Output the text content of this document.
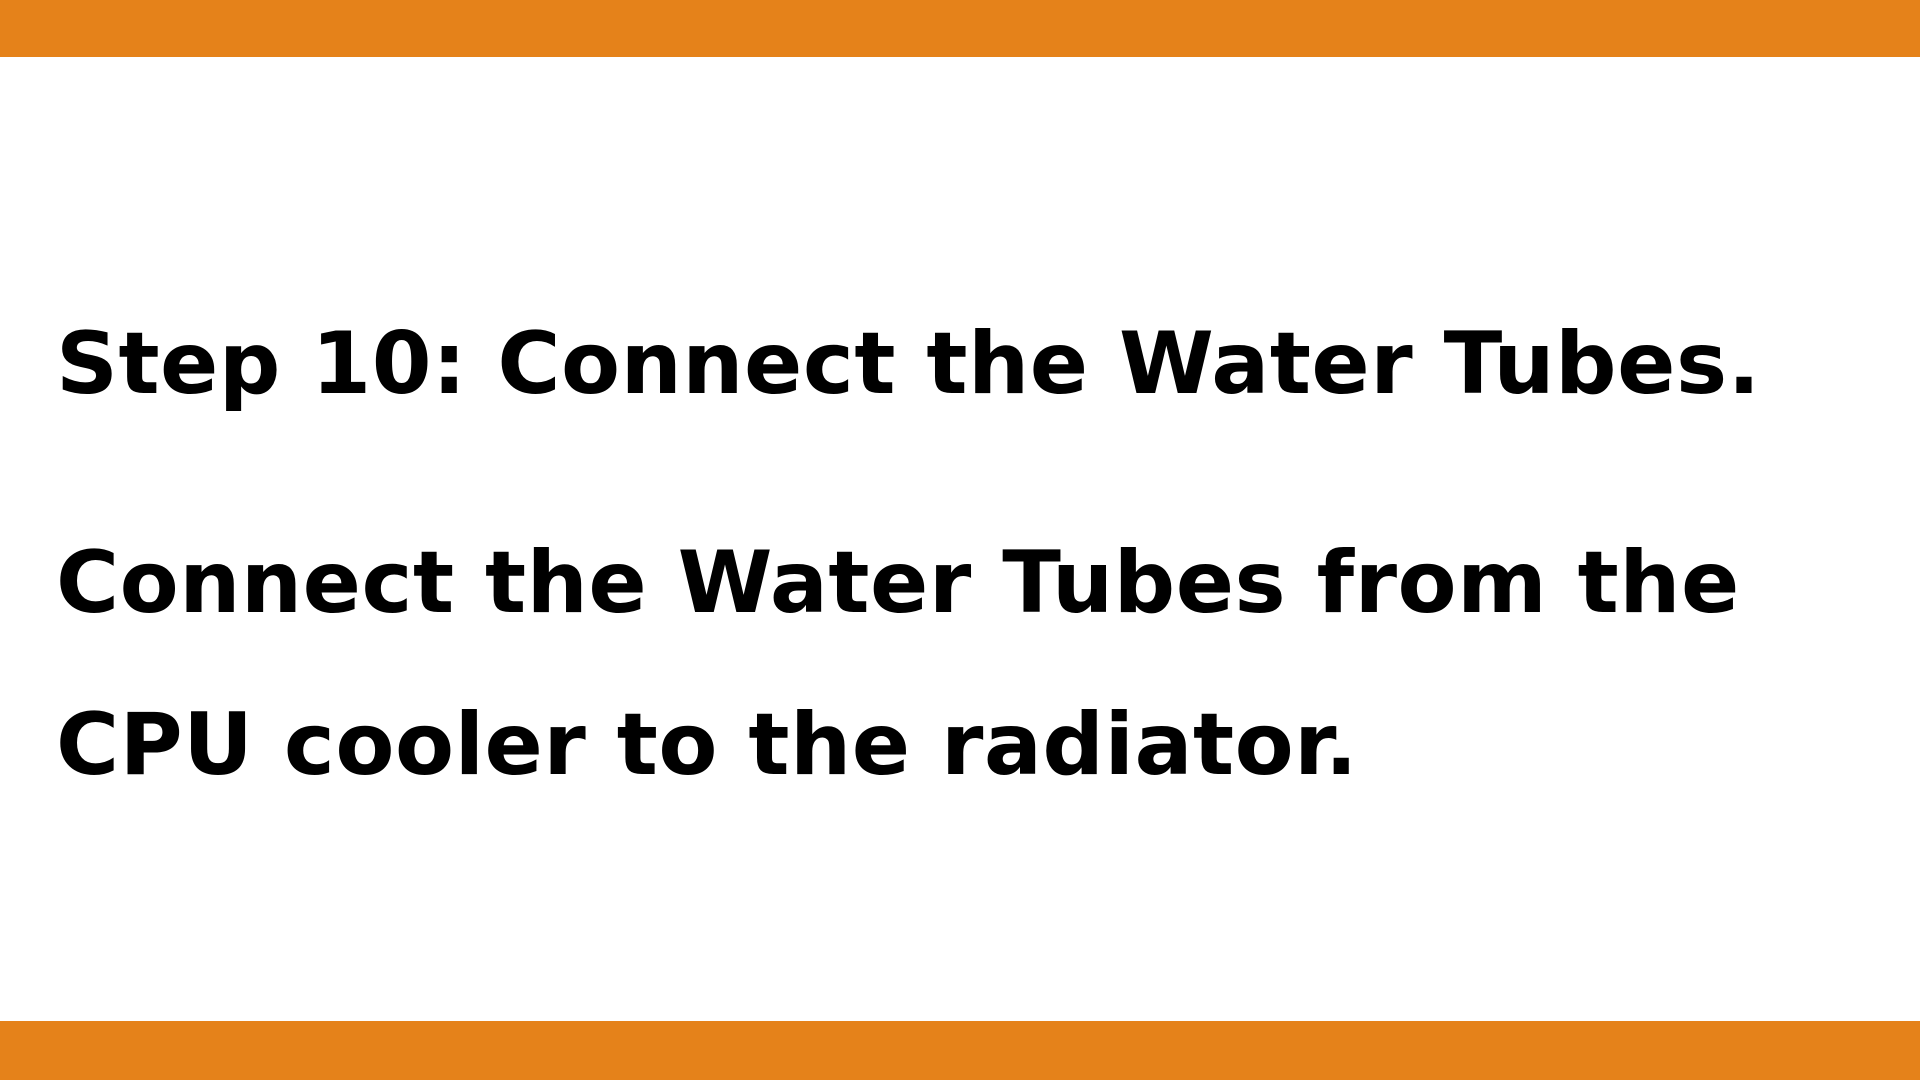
Step 10: Connect the Water Tubes.

Connect the Water Tubes from the
CPU cooler to the radiator.
